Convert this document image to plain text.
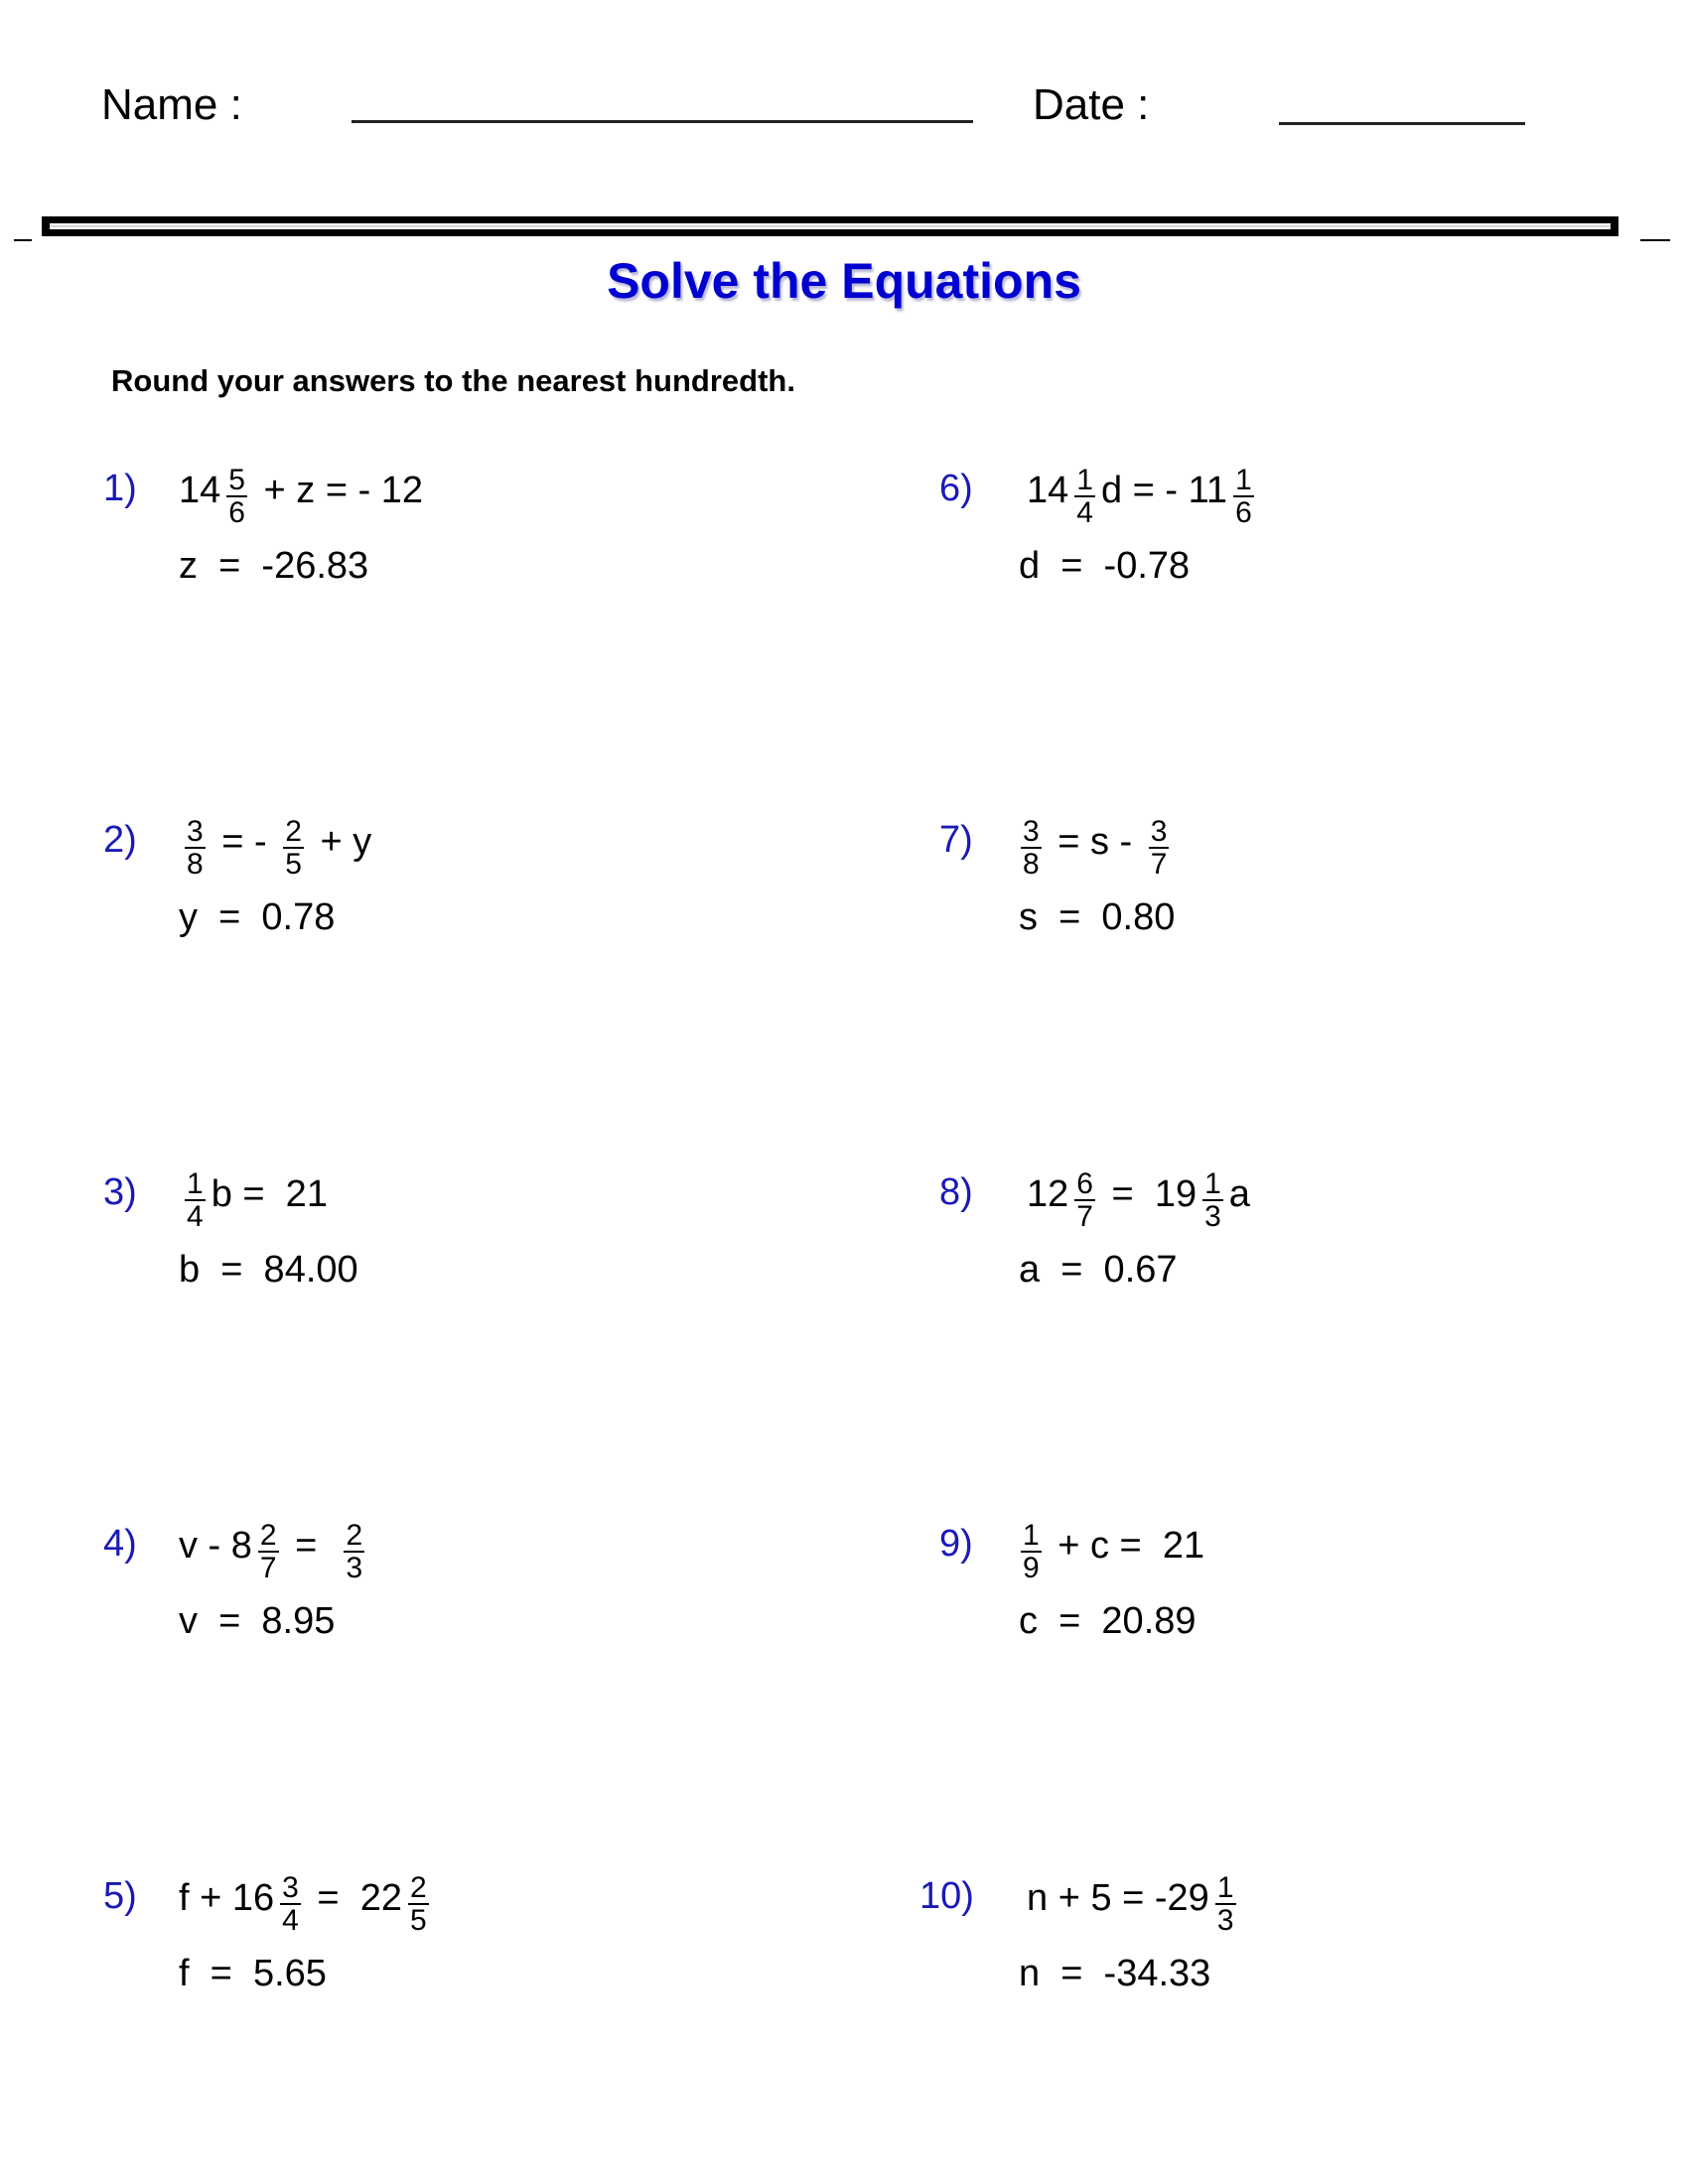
Name :	Date :
Solve the Equations
Round your answers to the nearest hundredth.
1) $14 \frac{5}{6} + z$ = - 12
z  =  -26.83
$2) \frac{3}{8}$ = - $\frac{2}{5} + y$
y  =  0.78
$3) \frac{1}{4}$ b =  21
b  =  84.00
4) $v - 8 \frac{2}{7} = \frac{2}{3}$
v  =  8.95
5) $f + 16 \frac{3}{4} = 22 \frac{2}{5}$
f  =  5.65
6) $14 \frac{1}{4}$ d = - $11 \frac{1}{6}$
d  =  -0.78
$7) \frac{3}{8} = s - \frac{3}{7}$
s  =  0.80
8) $12 \frac{6}{7} = 19 \frac{1}{3}$ a
a  =  0.67
$9) \frac{1}{9} + c = 21$
c  =  20.89
10) $n + 5 = -29 \frac{1}{3}$
n  =  -34.33
